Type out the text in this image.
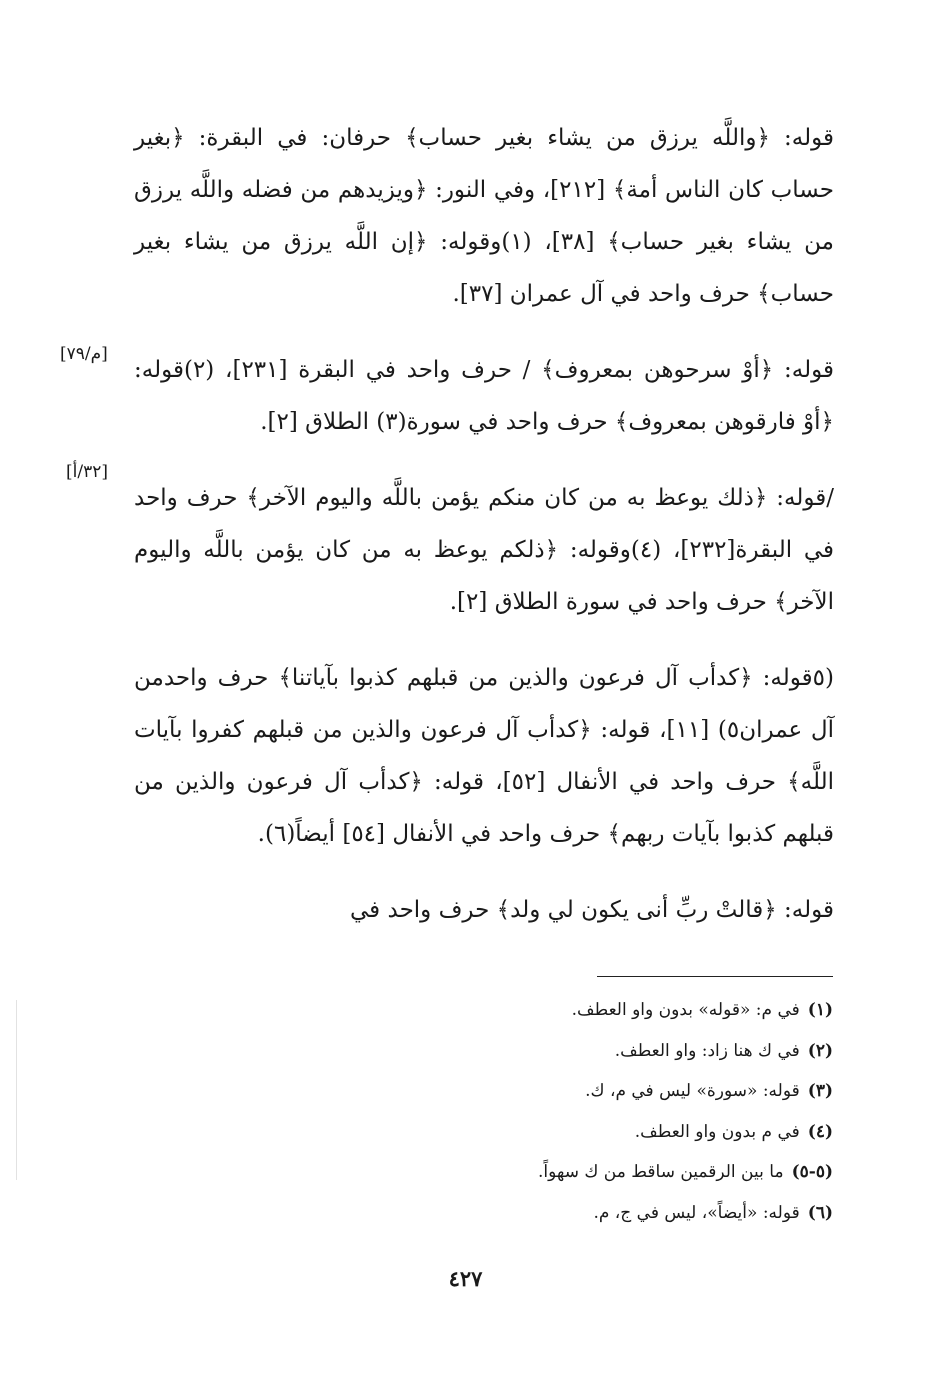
قوله: ﴿واللَّه يرزق من يشاء بغير حساب﴾ حرفان: في البقرة: ﴿بغير حساب كان الناس أمة﴾ [٢١٢]، وفي النور: ﴿ويزيدهم من فضله واللَّه يرزق من يشاء بغير حساب﴾ [٣٨]، (١)وقوله: ﴿إن اللَّه يرزق من يشاء بغير حساب﴾ حرف واحد في آل عمران [٣٧].

قوله: ﴿أوْ سرحوهن بمعروف﴾ / حرف واحد في البقرة [٢٣١]، (٢)قوله: ﴿أوْ فارقوهن بمعروف﴾ حرف واحد في سورة(٣) الطلاق [٢].

/قوله: ﴿ذلك يوعظ به من كان منكم يؤمن باللَّه واليوم الآخر﴾ حرف واحد في البقرة[٢٣٢]، (٤)وقوله: ﴿ذلكم يوعظ به من كان يؤمن باللَّه واليوم الآخر﴾ حرف واحد في سورة الطلاق [٢].

(٥قوله: ﴿كدأب آل فرعون والذين من قبلهم كذبوا بآياتنا﴾ حرف واحدمن آل عمران٥) [١١]، قوله: ﴿كدأب آل فرعون والذين من قبلهم كفروا بآيات اللَّه﴾ حرف واحد في الأنفال [٥٢]، قوله: ﴿كدأب آل فرعون والذين من قبلهم كذبوا بآيات ربهم﴾ حرف واحد في الأنفال [٥٤] أيضاً(٦).

قوله: ﴿قالتْ ربِّ أنى يكون لي ولد﴾ حرف واحد في

[م/٧٩]
[٣٢/أ]
(١)في م: «قوله» بدون واو العطف.
(٢)في ك هنا زاد: واو العطف.
(٣)قوله: «سورة» ليس في م، ك.
(٤)في م بدون واو العطف.
(٥-٥)ما بين الرقمين ساقط من ك سهواً.
(٦)قوله: «أيضاً»، ليس في ج، م.
٤٢٧
